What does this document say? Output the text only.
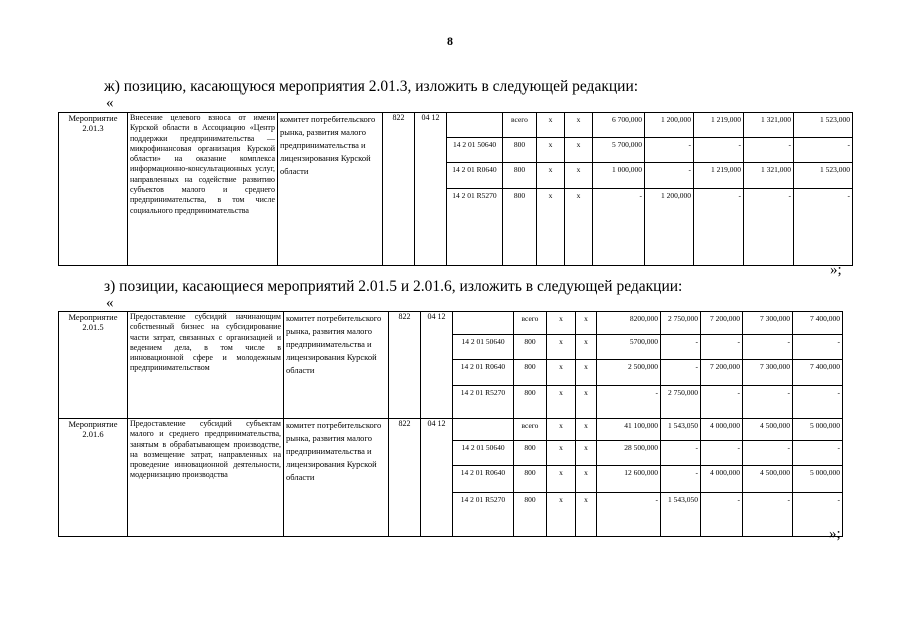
8
ж) позицию, касающуюся мероприятия 2.01.3, изложить в следующей редакции:
«
Мероприятие 2.01.3	Внесение целевого взноса от имени Курской области в Ассоциацию «Центр поддержки предпринимательства — микрофинансовая организация Курской области» на оказание комплекса информационно-консультационных услуг, направленных на содействие развитию субъектов малого и среднего предпринимательства, в том числе социального предпринимательства	комитет потребительского рынка, развития малого предпринимательства и лицензирования Курской области	822	04 12		всего	x	x	6 700,000	1 200,000	1 219,000	1 321,000	1 523,000
					14 2 01 50640	800	x	x	5 700,000	-	-	-	-
					14 2 01 R0640	800	x	x	1 000,000	-	1 219,000	1 321,000	1 523,000
					14 2 01 R5270	800	x	x	-	1 200,000	-	-	-
»;
з) позиции, касающиеся мероприятий 2.01.5 и 2.01.6, изложить в следующей редакции:
«
Мероприятие 2.01.5	Предоставление субсидий начинающим собственный бизнес на субсидирование части затрат, связанных с организацией и ведением дела, в том числе в инновационной сфере и молодежным предпринимательством	комитет потребительского рынка, развития малого предпринимательства и лицензирования Курской области	822	04 12		всего	x	x	8200,000	2 750,000	7 200,000	7 300,000	7 400,000
					14 2 01 50640	800	x	x	5700,000	-	-	-	-
					14 2 01 R0640	800	x	x	2 500,000	-	7 200,000	7 300,000	7 400,000
					14 2 01 R5270	800	x	x	-	2 750,000	-	-	-
Мероприятие 2.01.6	Предоставление субсидий субъектам малого и среднего предпринимательства, занятым в обрабатывающем производстве, на возмещение затрат, направленных на проведение инновационной деятельности, модернизацию производства	комитет потребительского рынка, развития малого предпринимательства и лицензирования Курской области	822	04 12		всего	x	x	41 100,000	1 543,050	4 000,000	4 500,000	5 000,000
					14 2 01 50640	800	x	x	28 500,000	-	-	-	-
					14 2 01 R0640	800	x	x	12 600,000	-	4 000,000	4 500,000	5 000,000
					14 2 01 R5270	800	x	x	-	1 543,050	-	-	-
»;
